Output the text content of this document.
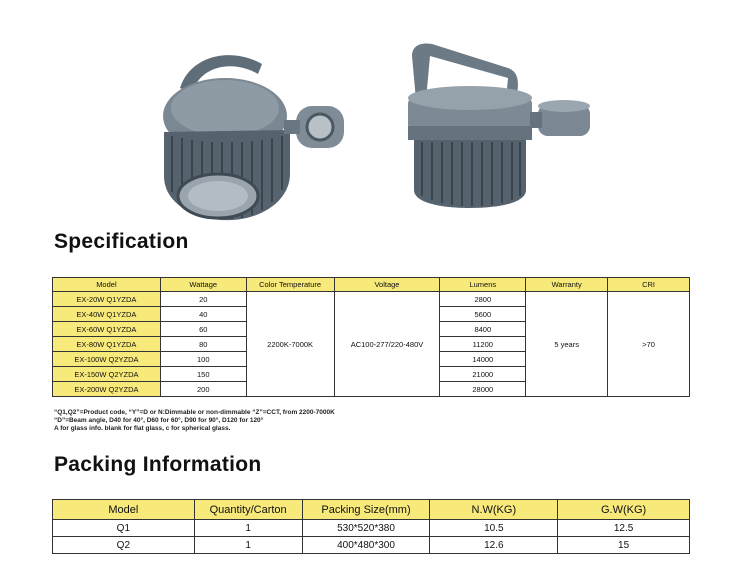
Specification
Model	Wattage	Color Temperature	Voltage	Lumens	Warranty	CRI
EX-20W Q1YZDA	20	2200K-7000K	AC100-277/220-480V	2800	5 years	>70
EX-40W Q1YZDA	40			5600		
EX-60W Q1YZDA	60			8400		
EX-80W Q1YZDA	80			11200		
EX-100W Q2YZDA	100			14000		
EX-150W Q2YZDA	150			21000		
EX-200W Q2YZDA	200			28000		
“Q1,Q2”=Product code, “Y”=D or N:Dimmable or non-dimmable “Z”=CCT, from 2200-7000K
“D”=Beam angle, D40 for 40°, D60 for 60°, D90 for 90°, D120 for 120°
A for glass info. blank for flat glass, c for spherical glass.
Packing Information
Model	Quantity/Carton	Packing Size(mm)	N.W(KG)	G.W(KG)
Q1	1	530*520*380	10.5	12.5
Q2	1	400*480*300	12.6	15
